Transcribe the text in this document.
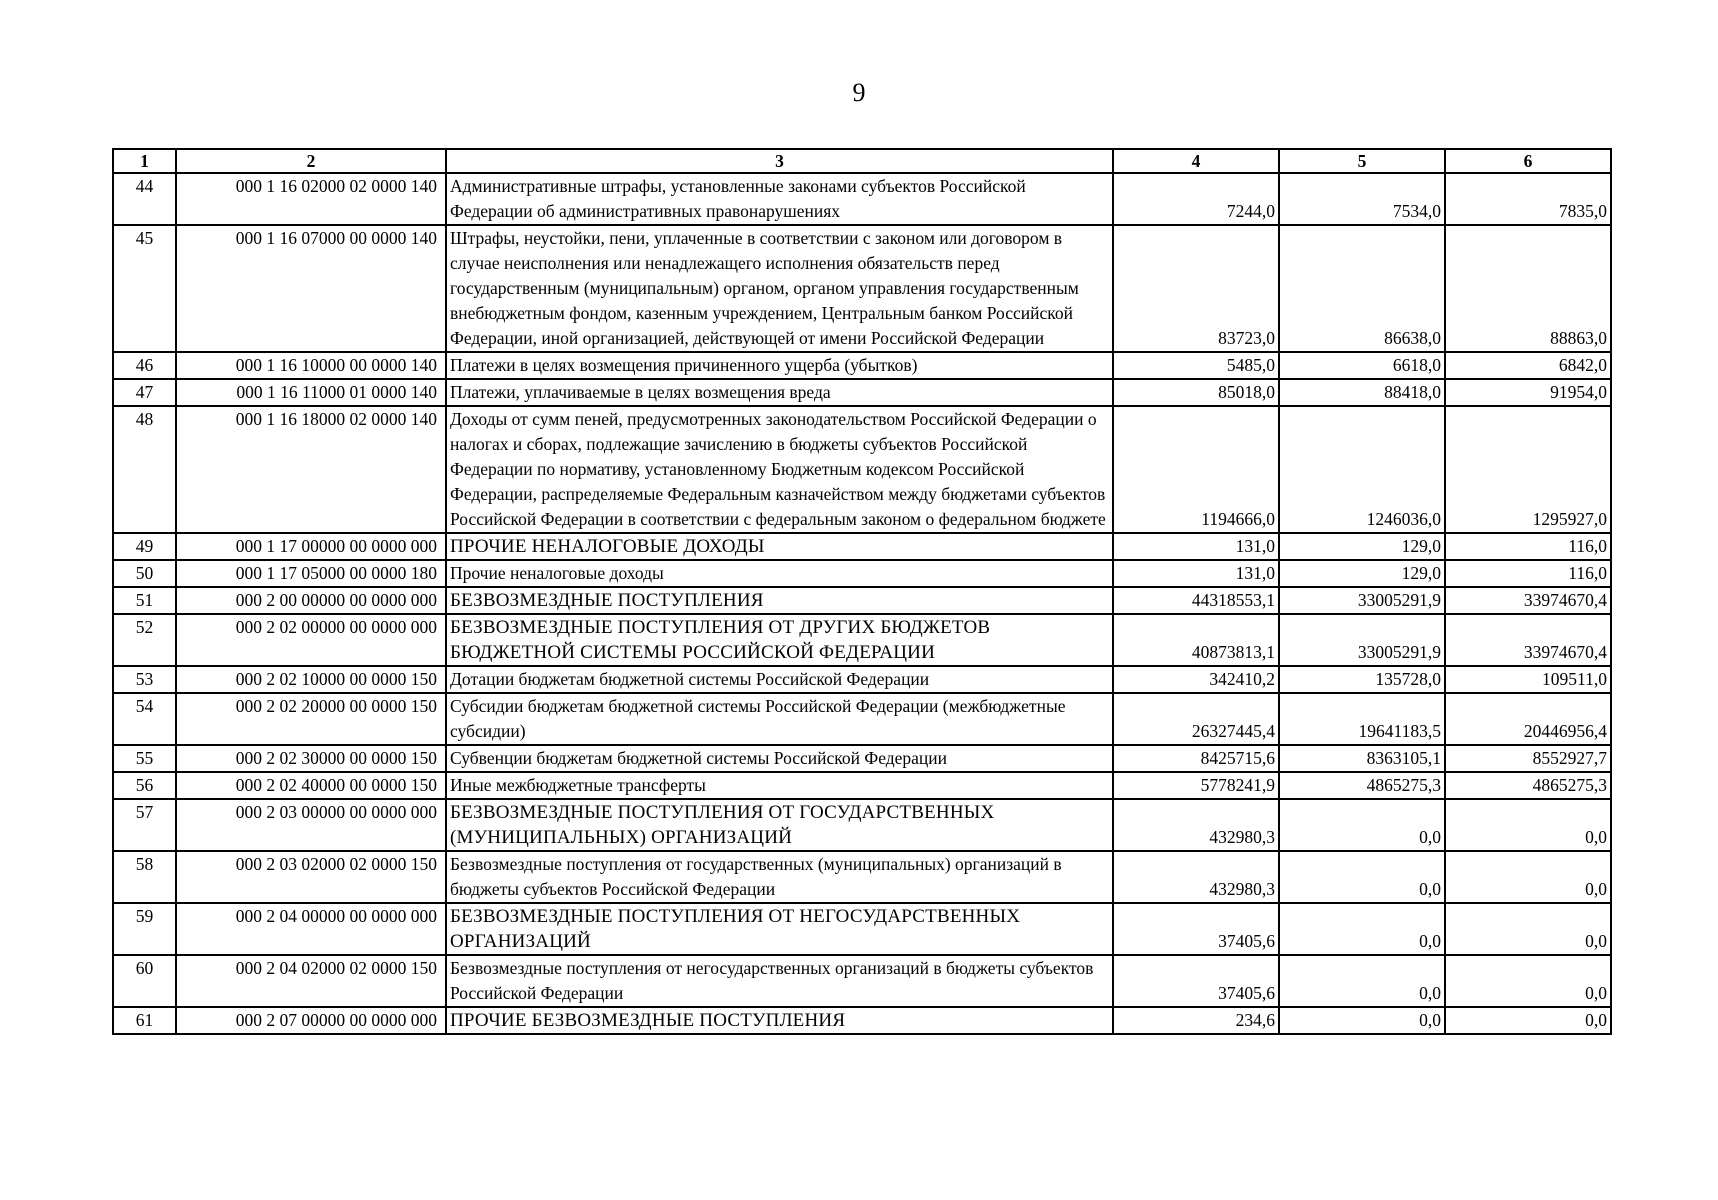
9
1	2	3	4	5	6
44	000 1 16 02000 02 0000 140	Административные штрафы, установленные законами субъектов Российской Федерации об административных правонарушениях	7244,0	7534,0	7835,0
45	000 1 16 07000 00 0000 140	Штрафы, неустойки, пени, уплаченные в соответствии с законом или договором в случае неисполнения или ненадлежащего исполнения обязательств перед государственным (муниципальным) органом, органом управления государственным внебюджетным фондом, казенным учреждением, Центральным банком Российской Федерации, иной организацией, действующей от имени Российской Федерации	83723,0	86638,0	88863,0
46	000 1 16 10000 00 0000 140	Платежи в целях возмещения причиненного ущерба (убытков)	5485,0	6618,0	6842,0
47	000 1 16 11000 01 0000 140	Платежи, уплачиваемые в целях возмещения вреда	85018,0	88418,0	91954,0
48	000 1 16 18000 02 0000 140	Доходы от сумм пеней, предусмотренных законодательством Российской Федерации о налогах и сборах, подлежащие зачислению в бюджеты субъектов Российской Федерации по нормативу, установленному Бюджетным кодексом Российской Федерации, распределяемые Федеральным казначейством между бюджетами субъектов Российской Федерации в соответствии с федеральным законом о федеральном бюджете	1194666,0	1246036,0	1295927,0
49	000 1 17 00000 00 0000 000	ПРОЧИЕ НЕНАЛОГОВЫЕ ДОХОДЫ	131,0	129,0	116,0
50	000 1 17 05000 00 0000 180	Прочие неналоговые доходы	131,0	129,0	116,0
51	000 2 00 00000 00 0000 000	БЕЗВОЗМЕЗДНЫЕ ПОСТУПЛЕНИЯ	44318553,1	33005291,9	33974670,4
52	000 2 02 00000 00 0000 000	БЕЗВОЗМЕЗДНЫЕ ПОСТУПЛЕНИЯ ОТ ДРУГИХ БЮДЖЕТОВ БЮДЖЕТНОЙ СИСТЕМЫ РОССИЙСКОЙ ФЕДЕРАЦИИ	40873813,1	33005291,9	33974670,4
53	000 2 02 10000 00 0000 150	Дотации бюджетам бюджетной системы Российской Федерации	342410,2	135728,0	109511,0
54	000 2 02 20000 00 0000 150	Субсидии бюджетам бюджетной системы Российской Федерации (межбюджетные субсидии)	26327445,4	19641183,5	20446956,4
55	000 2 02 30000 00 0000 150	Субвенции бюджетам бюджетной системы Российской Федерации	8425715,6	8363105,1	8552927,7
56	000 2 02 40000 00 0000 150	Иные межбюджетные трансферты	5778241,9	4865275,3	4865275,3
57	000 2 03 00000 00 0000 000	БЕЗВОЗМЕЗДНЫЕ ПОСТУПЛЕНИЯ ОТ ГОСУДАРСТВЕННЫХ (МУНИЦИПАЛЬНЫХ) ОРГАНИЗАЦИЙ	432980,3	0,0	0,0
58	000 2 03 02000 02 0000 150	Безвозмездные поступления от государственных (муниципальных) организаций в бюджеты субъектов Российской Федерации	432980,3	0,0	0,0
59	000 2 04 00000 00 0000 000	БЕЗВОЗМЕЗДНЫЕ ПОСТУПЛЕНИЯ ОТ НЕГОСУДАРСТВЕННЫХ ОРГАНИЗАЦИЙ	37405,6	0,0	0,0
60	000 2 04 02000 02 0000 150	Безвозмездные поступления от негосударственных организаций в бюджеты субъектов Российской Федерации	37405,6	0,0	0,0
61	000 2 07 00000 00 0000 000	ПРОЧИЕ БЕЗВОЗМЕЗДНЫЕ ПОСТУПЛЕНИЯ	234,6	0,0	0,0
